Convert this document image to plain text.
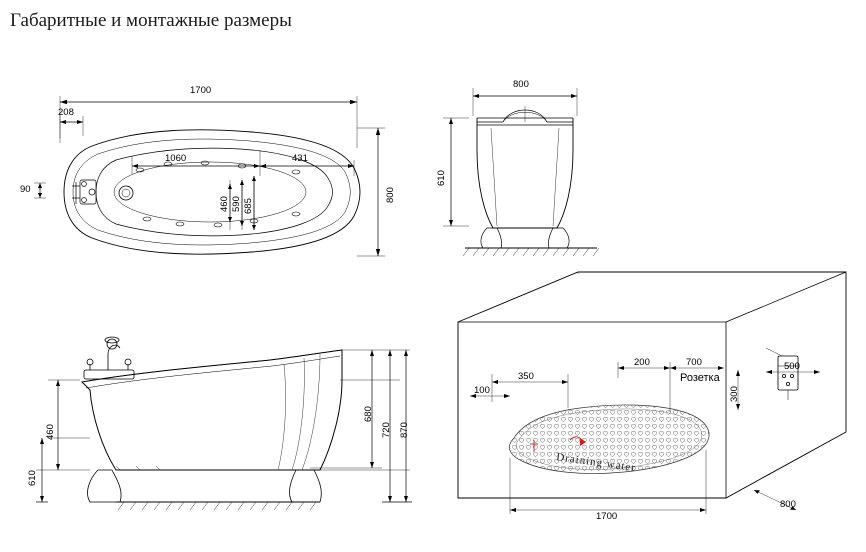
Габаритные и монтажные размеры
1700
208
1060	431
90	800
460 590 685
800
610
610
460
680
720 870
Draining water
Розетка
350
200	700
100	300
500
1700
800
